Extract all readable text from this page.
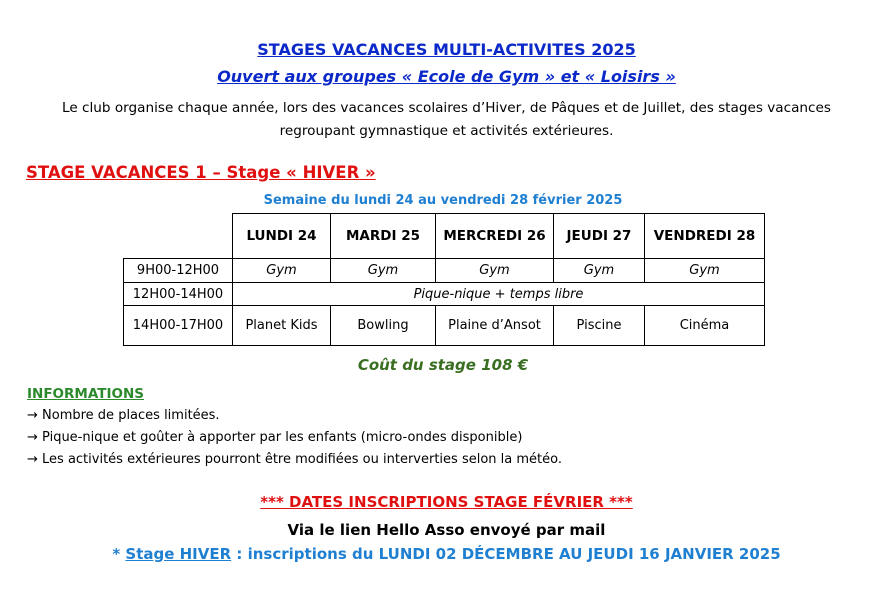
STAGES VACANCES MULTI-ACTIVITES 2025
Ouvert aux groupes « Ecole de Gym » et « Loisirs »
Le club organise chaque année, lors des vacances scolaires d’Hiver, de Pâques et de Juillet, des stages vacances
regroupant gymnastique et activités extérieures.
STAGE VACANCES 1 – Stage « HIVER »
Semaine du lundi 24 au vendredi 28 février 2025
	LUNDI 24	MARDI 25	MERCREDI 26	JEUDI 27	VENDREDI 28
9H00-12H00	Gym	Gym	Gym	Gym	Gym
12H00-14H00	Pique-nique + temps libre				
14H00-17H00	Planet Kids	Bowling	Plaine d’Ansot	Piscine	Cinéma
Coût du stage 108 €
INFORMATIONS
→ Nombre de places limitées.
→ Pique-nique et goûter à apporter par les enfants (micro-ondes disponible)
→ Les activités extérieures pourront être modifiées ou interverties selon la météo.
*** DATES INSCRIPTIONS STAGE FÉVRIER ***
Via le lien Hello Asso envoyé par mail
* Stage HIVER : inscriptions du LUNDI 02 DÉCEMBRE AU JEUDI 16 JANVIER 2025
